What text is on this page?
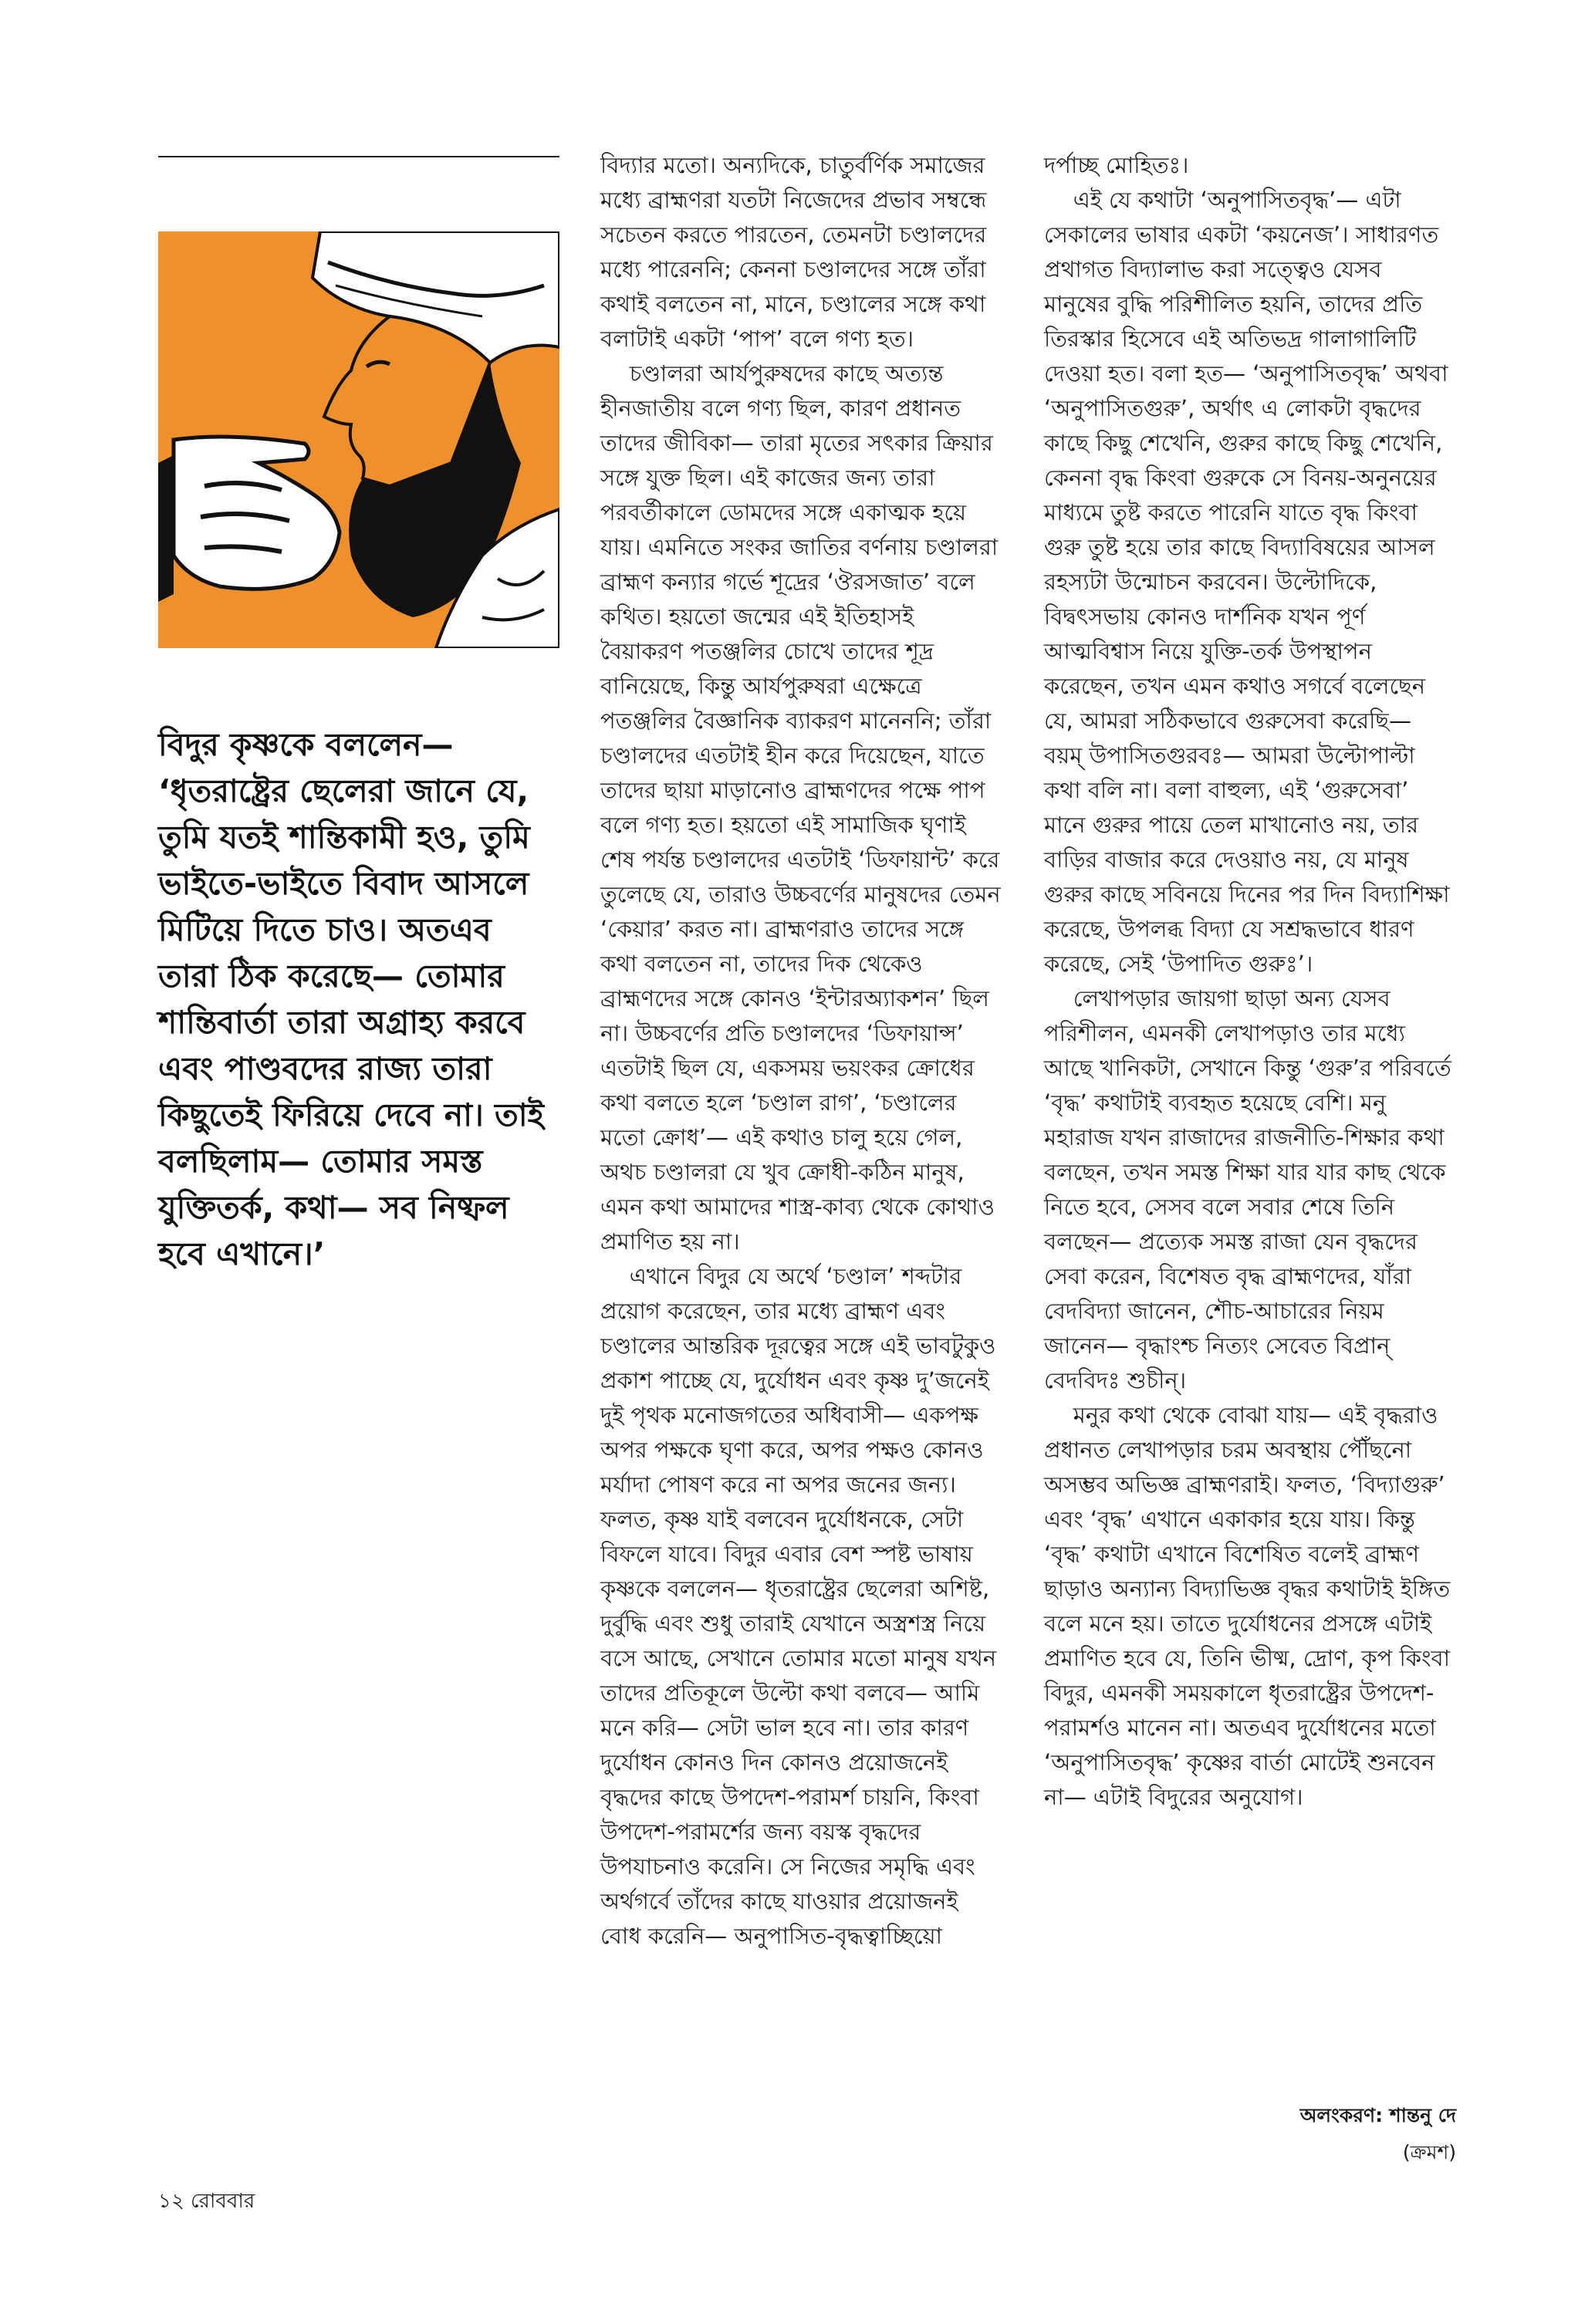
বিদুর কৃষ্ণকে বললেন— ‘ধৃতরাষ্ট্রের ছেলেরা জানে যে, তুমি যতই শান্তিকামী হও, তুমি ভাইতে-ভাইতে বিবাদ আসলে মিটিয়ে দিতে চাও। অতএব তারা ঠিক করেছে— তোমার শান্তিবার্তা তারা অগ্রাহ্য করবে এবং পাণ্ডবদের রাজ্য তারা কিছুতেই ফিরিয়ে দেবে না। তাই বলছিলাম— তোমার সমস্ত যুক্তিতর্ক, কথা— সব নিষ্ফল হবে এখানে।’

বিদ্যার মতো। অন্যদিকে, চাতুর্বর্ণিক সমাজের মধ্যে ব্রাহ্মণরা যতটা নিজেদের প্রভাব সম্বন্ধে সচেতন করতে পারতেন, তেমনটা চণ্ডালদের মধ্যে পারেননি; কেননা চণ্ডালদের সঙ্গে তাঁরা কথাই বলতেন না, মানে, চণ্ডালের সঙ্গে কথা বলাটাই একটা ‘পাপ’ বলে গণ্য হত।

চণ্ডালরা আর্যপুরুষদের কাছে অত্যন্ত হীনজাতীয় বলে গণ্য ছিল, কারণ প্রধানত তাদের জীবিকা— তারা মৃতের সৎকার ক্রিয়ার সঙ্গে যুক্ত ছিল। এই কাজের জন্য তারা পরবর্তীকালে ডোমদের সঙ্গে একাত্মক হয়ে যায়। এমনিতে সংকর জাতির বর্ণনায় চণ্ডালরা ব্রাহ্মণ কন্যার গর্ভে শূদ্রের ‘ঔরসজাত’ বলে কথিত। হয়তো জন্মের এই ইতিহাসই বৈয়াকরণ পতঞ্জলির চোখে তাদের শূদ্র বানিয়েছে, কিন্তু আর্যপুরুষরা এক্ষেত্রে পতঞ্জলির বৈজ্ঞানিক ব্যাকরণ মানেননি; তাঁরা চণ্ডালদের এতটাই হীন করে দিয়েছেন, যাতে তাদের ছায়া মাড়ানোও ব্রাহ্মণদের পক্ষে পাপ বলে গণ্য হত। হয়তো এই সামাজিক ঘৃণাই শেষ পর্যন্ত চণ্ডালদের এতটাই ‘ডিফায়ান্ট’ করে তুলেছে যে, তারাও উচ্চবর্ণের মানুষদের তেমন ‘কেয়ার’ করত না। ব্রাহ্মণরাও তাদের সঙ্গে কথা বলতেন না, তাদের দিক থেকেও ব্রাহ্মণদের সঙ্গে কোনও ‘ইন্টারঅ্যাকশন’ ছিল না। উচ্চবর্ণের প্রতি চণ্ডালদের ‘ডিফায়ান্স’ এতটাই ছিল যে, একসময় ভয়ংকর ক্রোধের কথা বলতে হলে ‘চণ্ডাল রাগ’, ‘চণ্ডালের মতো ক্রোধ’— এই কথাও চালু হয়ে গেল, অথচ চণ্ডালরা যে খুব ক্রোধী-কঠিন মানুষ, এমন কথা আমাদের শাস্ত্র-কাব্য থেকে কোথাও প্রমাণিত হয় না।

এখানে বিদুর যে অর্থে ‘চণ্ডাল’ শব্দটার প্রয়োগ করেছেন, তার মধ্যে ব্রাহ্মণ এবং চণ্ডালের আন্তরিক দূরত্বের সঙ্গে এই ভাবটুকুও প্রকাশ পাচ্ছে যে, দুর্যোধন এবং কৃষ্ণ দু’জনেই দুই পৃথক মনোজগতের অধিবাসী— একপক্ষ অপর পক্ষকে ঘৃণা করে, অপর পক্ষও কোনও মর্যাদা পোষণ করে না অপর জনের জন্য। ফলত, কৃষ্ণ যাই বলবেন দুর্যোধনকে, সেটা বিফলে যাবে। বিদুর এবার বেশ স্পষ্ট ভাষায় কৃষ্ণকে বললেন— ধৃতরাষ্ট্রের ছেলেরা অশিষ্ট, দুর্বুদ্ধি এবং শুধু তারাই যেখানে অস্ত্রশস্ত্র নিয়ে বসে আছে, সেখানে তোমার মতো মানুষ যখন তাদের প্রতিকূলে উল্টো কথা বলবে— আমি মনে করি— সেটা ভাল হবে না। তার কারণ দুর্যোধন কোনও দিন কোনও প্রয়োজনেই বৃদ্ধদের কাছে উপদেশ-পরামর্শ চায়নি, কিংবা উপদেশ-পরামর্শের জন্য বয়স্ক বৃদ্ধদের উপযাচনাও করেনি। সে নিজের সমৃদ্ধি এবং অর্থগর্বে তাঁদের কাছে যাওয়ার প্রয়োজনই বোধ করেনি— অনুপাসিত-বৃদ্ধত্বাচ্ছিয়ো

দর্পাচ্ছ মোহিতঃ।

এই যে কথাটা ‘অনুপাসিতবৃদ্ধ’— এটা সেকালের ভাষার একটা ‘কয়নেজ’। সাধারণত প্রথাগত বিদ্যালাভ করা সত্ত্বেও যেসব মানুষের বুদ্ধি পরিশীলিত হয়নি, তাদের প্রতি তিরস্কার হিসেবে এই অতিভদ্র গালাগালিটি দেওয়া হত। বলা হত— ‘অনুপাসিতবৃদ্ধ’ অথবা ‘অনুপাসিতগুরু’, অর্থাৎ এ লোকটা বৃদ্ধদের কাছে কিছু শেখেনি, গুরুর কাছে কিছু শেখেনি, কেননা বৃদ্ধ কিংবা গুরুকে সে বিনয়-অনুনয়ের মাধ্যমে তুষ্ট করতে পারেনি যাতে বৃদ্ধ কিংবা গুরু তুষ্ট হয়ে তার কাছে বিদ্যাবিষয়ের আসল রহস্যটা উন্মোচন করবেন। উল্টোদিকে, বিদ্বৎসভায় কোনও দার্শনিক যখন পূর্ণ আত্মবিশ্বাস নিয়ে যুক্তি-তর্ক উপস্থাপন করেছেন, তখন এমন কথাও সগর্বে বলেছেন যে, আমরা সঠিকভাবে গুরুসেবা করেছি— বয়ম্ উপাসিতগুরবঃ— আমরা উল্টোপাল্টা কথা বলি না। বলা বাহুল্য, এই ‘গুরুসেবা’ মানে গুরুর পায়ে তেল মাখানোও নয়, তার বাড়ির বাজার করে দেওয়াও নয়, যে মানুষ গুরুর কাছে সবিনয়ে দিনের পর দিন বিদ্যাশিক্ষা করেছে, উপলব্ধ বিদ্যা যে সশ্রদ্ধভাবে ধারণ করেছে, সেই ‘উপাদিত গুরুঃ’।

লেখাপড়ার জায়গা ছাড়া অন্য যেসব পরিশীলন, এমনকী লেখাপড়াও তার মধ্যে আছে খানিকটা, সেখানে কিন্তু ‘গুরু’র পরিবর্তে ‘বৃদ্ধ’ কথাটাই ব্যবহৃত হয়েছে বেশি। মনু মহারাজ যখন রাজাদের রাজনীতি-শিক্ষার কথা বলছেন, তখন সমস্ত শিক্ষা যার যার কাছ থেকে নিতে হবে, সেসব বলে সবার শেষে তিনি বলছেন— প্রত্যেক সমস্ত রাজা যেন বৃদ্ধদের সেবা করেন, বিশেষত বৃদ্ধ ব্রাহ্মণদের, যাঁরা বেদবিদ্যা জানেন, শৌচ-আচারের নিয়ম জানেন— বৃদ্ধাংশ্চ নিত্যং সেবেত বিপ্রান্ বেদবিদঃ শুচীন্।

মনুর কথা থেকে বোঝা যায়— এই বৃদ্ধরাও প্রধানত লেখাপড়ার চরম অবস্থায় পৌঁছনো অসম্ভব অভিজ্ঞ ব্রাহ্মণরাই। ফলত, ‘বিদ্যাগুরু’ এবং ‘বৃদ্ধ’ এখানে একাকার হয়ে যায়। কিন্তু ‘বৃদ্ধ’ কথাটা এখানে বিশেষিত বলেই ব্রাহ্মণ ছাড়াও অন্যান্য বিদ্যাভিজ্ঞ বৃদ্ধর কথাটাই ইঙ্গিত বলে মনে হয়। তাতে দুর্যোধনের প্রসঙ্গে এটাই প্রমাণিত হবে যে, তিনি ভীষ্ম, দ্রোণ, কৃপ কিংবা বিদুর, এমনকী সময়কালে ধৃতরাষ্ট্রের উপদেশ-পরামর্শও মানেন না। অতএব দুর্যোধনের মতো ‘অনুপাসিতবৃদ্ধ’ কৃষ্ণের বার্তা মোটেই শুনবেন না— এটাই বিদুরের অনুযোগ।

অলংকরণ: শান্তনু দে
(ক্রমশ)
১২ রোববার
